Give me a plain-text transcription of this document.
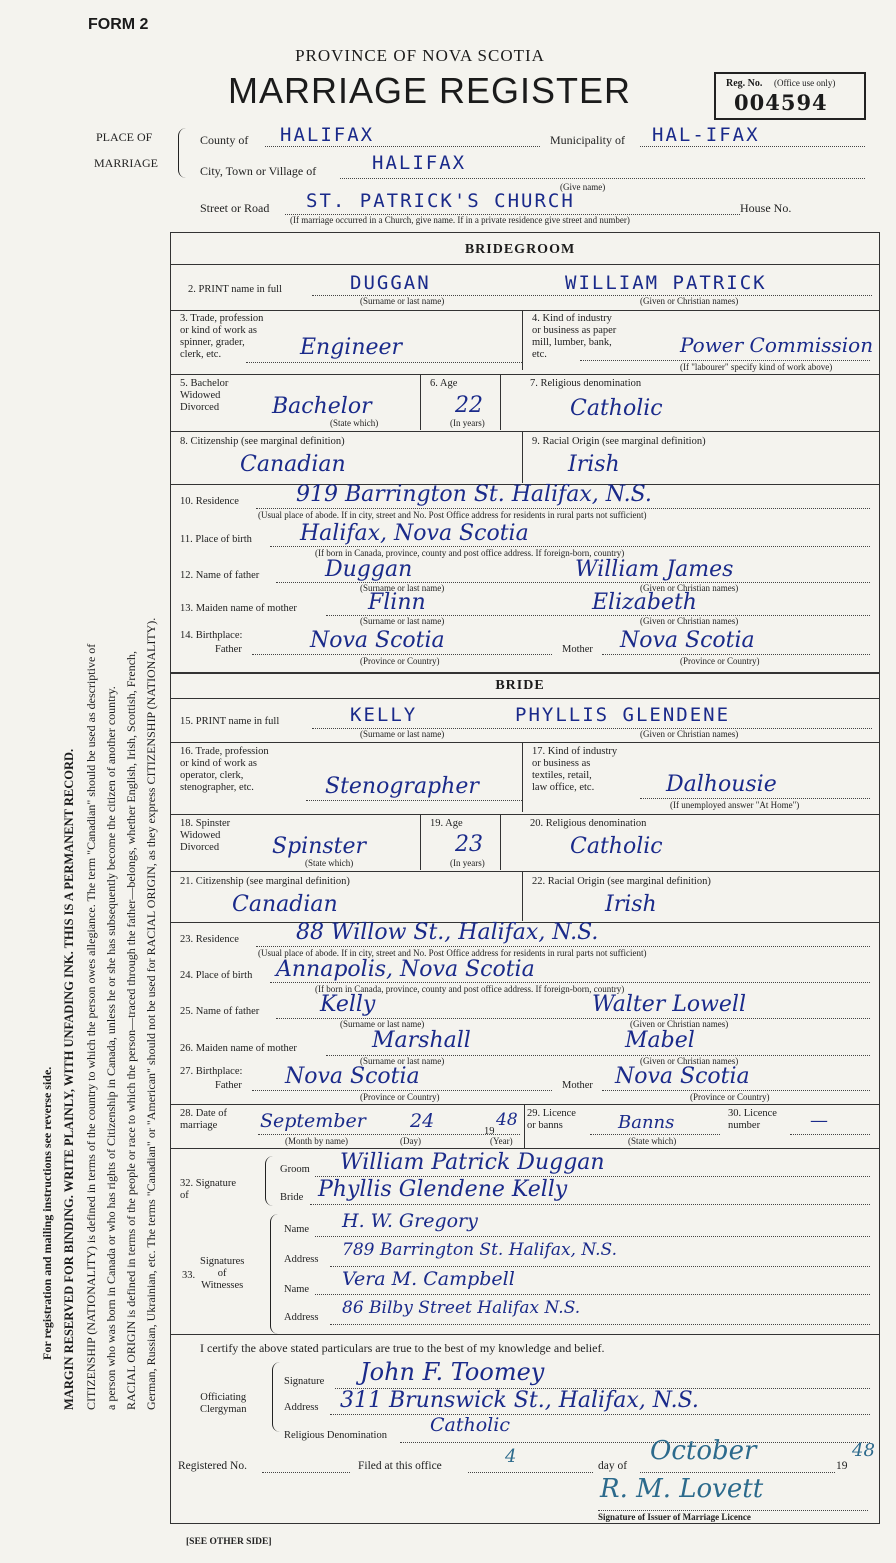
FORM 2
PROVINCE OF NOVA SCOTIA
MARRIAGE REGISTER	Reg. No. (Office use only)
004594
PLACE OF
MARRIAGE
County of HALIFAX	Municipality of HAL-IFAX
City, Town or Village of	HALIFAX
(Give name)
Street or Road ST. PATRICK'S CHURCH	House No.
(If marriage occurred in a Church, give name. If in a private residence give street and number)
For registration and mailing instructions see reverse side. MARGIN RESERVED FOR BINDING. WRITE PLAINLY, WITH UNFADING INK. THIS IS A PERMANENT RECORD. CITIZENSHIP (NATIONALITY) is defined in terms of the country to which the person owes allegiance. The term "Canadian" should be used as descriptive of a person who was born in Canada or who has rights of Citizenship in Canada, unless he or she has subsequently become the citizen of another country. RACIAL ORIGIN is defined in terms of the people or race to which the person—traced through the father—belongs, whether English, Irish, Scottish, French, German, Russian, Ukrainian, etc. The terms "Canadian" or "American" should not be used for RACIAL ORIGIN, as they express CITIZENSHIP (NATIONALITY).
BRIDEGROOM
2. PRINT name in full	DUGGAN	WILLIAM PATRICK
(Surname or last name)	(Given or Christian names)
3. Trade, profession
or kind of work as
spinner, grader,
clerk, etc.	Engineer
4. Kind of industry
or business as paper
mill, lumber, bank,
etc.	Power Commission
(If "labourer" specify kind of work above)
5. Bachelor
Widowed
Divorced	Bachelor
(State which)
6. Age
22
(In years)
7. Religious denomination
Catholic
8. Citizenship (see marginal definition)
Canadian
9. Racial Origin (see marginal definition)
Irish
10. Residence	919 Barrington St. Halifax, N.S.
(Usual place of abode. If in city, street and No. Post Office address for residents in rural parts not sufficient)
11. Place of birth Halifax, Nova Scotia
(If born in Canada, province, county and post office address. If foreign-born, country)
12. Name of father	Duggan	William James
(Surname or last name)	(Given or Christian names)
13. Maiden name of mother	Flinn	Elizabeth
(Surname or last name)	(Given or Christian names)
14. Birthplace:
Father	Nova Scotia
(Province or Country)
Mother Nova Scotia
(Province or Country)
BRIDE
15. PRINT name in full	KELLY	PHYLLIS GLENDENE
(Surname or last name)	(Given or Christian names)
16. Trade, profession
or kind of work as
operator, clerk,
stenographer, etc.	Stenographer
17. Kind of industry
or business as
textiles, retail,
law office, etc.	Dalhousie
(If unemployed answer "At Home")
18. Spinster
Widowed
Divorced	Spinster
(State which)
19. Age
23
(In years)
20. Religious denomination
Catholic
21. Citizenship (see marginal definition)
Canadian
22. Racial Origin (see marginal definition)
Irish
23. Residence	88 Willow St., Halifax, N.S.
(Usual place of abode. If in city, street and No. Post Office address for residents in rural parts not sufficient)
24. Place of birth Annapolis, Nova Scotia
(If born in Canada, province, county and post office address. If foreign-born, country)
25. Name of father	Kelly	Walter Lowell
(Surname or last name)	(Given or Christian names)
26. Maiden name of mother	Marshall	Mabel
(Surname or last name)	(Given or Christian names)
27. Birthplace:
Father Nova Scotia
(Province or Country)
Mother Nova Scotia
(Province or Country)
28. Date of
marriage	September 24	19
48
(Month by name)	(Day)	(Year)
29. Licence
or banns	Banns
(State which)
30. Licence
number	—
32. Signature
of
Groom William Patrick Duggan
Bride Phyllis Glendene Kelly
33.
Signatures
of
Witnesses
Name H. W. Gregory
Address 789 Barrington St. Halifax, N.S.
Name Vera M. Campbell
Address 86 Bilby Street Halifax N.S.
I certify the above stated particulars are true to the best of my knowledge and belief.
Officiating
Clergyman
Signature John F. Toomey
Address 311 Brunswick St., Halifax, N.S.
Religious Denomination Catholic
Registered No.	Filed at this office	4	day of October	19
48
R. M. Lovett
Signature of Issuer of Marriage Licence
[SEE OTHER SIDE]
